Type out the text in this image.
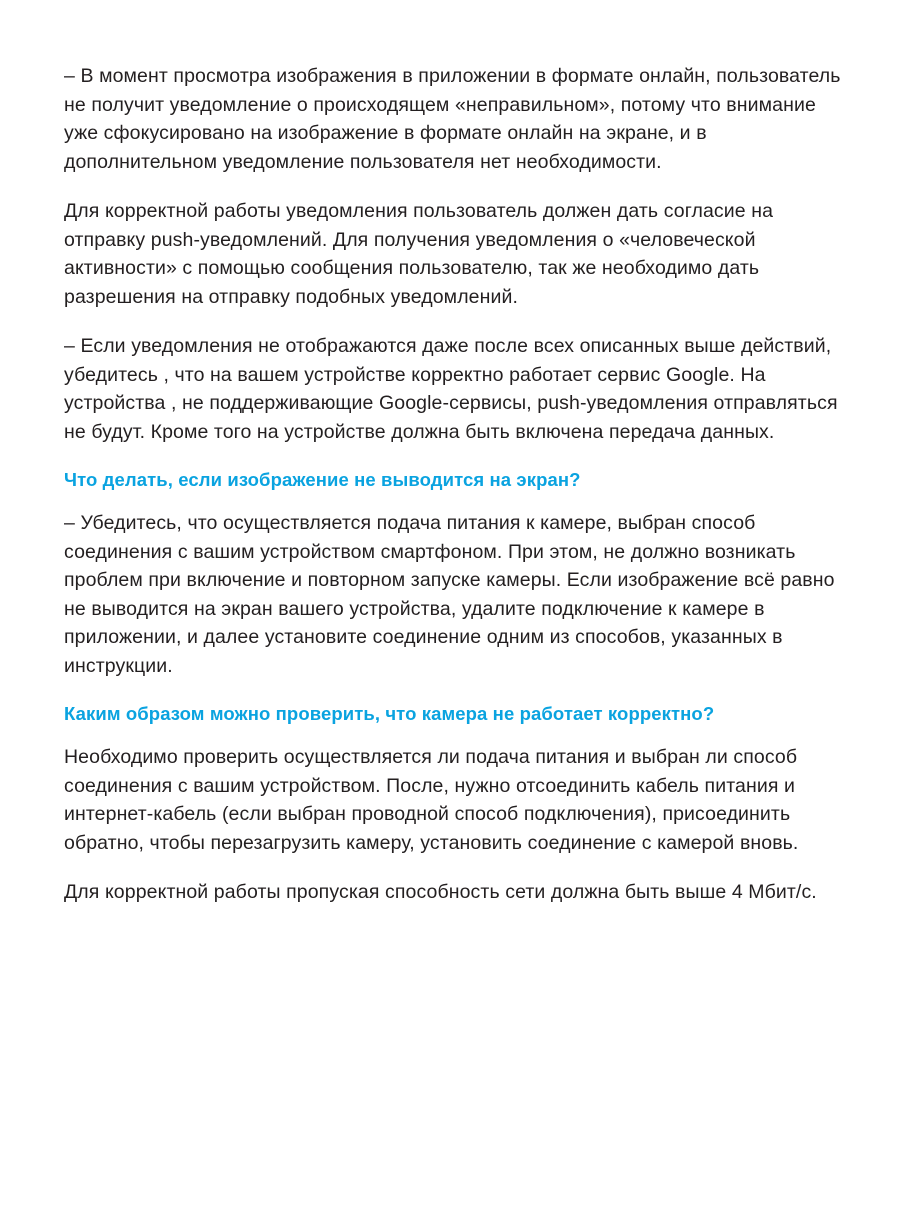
– В момент просмотра изображения в приложении в формате онлайн, пользователь не получит уведомление о происходящем «неправильном», потому что внимание уже сфокусировано на изображение в формате онлайн на экране, и в дополнительном уведомление пользователя нет необходимости.

Для корректной работы уведомления пользователь должен дать согласие на отправку push-уведомлений. Для получения уведомления о «человеческой активности» с помощью сообщения пользователю, так же необходимо дать разрешения на отправку подобных уведомлений.

– Если уведомления не отображаются даже после всех описанных выше действий, убедитесь , что на вашем устройстве корректно работает сервис Google. На устройства , не поддерживающие Google-сервисы, push-уведомления отправляться не будут. Кроме того на устройстве должна быть включена передача данных.

Что делать, если изображение не выводится на экран?

– Убедитесь, что осуществляется подача питания к камере, выбран способ соединения с вашим устройством смартфоном. При этом, не должно возникать проблем при включение и повторном запуске камеры. Если изображение всё равно не выводится на экран вашего устройства, удалите подключение к камере в приложении, и далее установите соединение одним из способов, указанных в инструкции.

Каким образом можно проверить, что камера не работает корректно?

Необходимо проверить осуществляется ли подача питания и выбран ли способ соединения с вашим устройством. После, нужно отсоединить кабель питания и интернет-кабель (если выбран проводной способ подключения), присоединить обратно, чтобы перезагрузить камеру, установить соединение с камерой вновь.

Для корректной работы пропуская способность сети должна быть выше 4 Мбит/с.
